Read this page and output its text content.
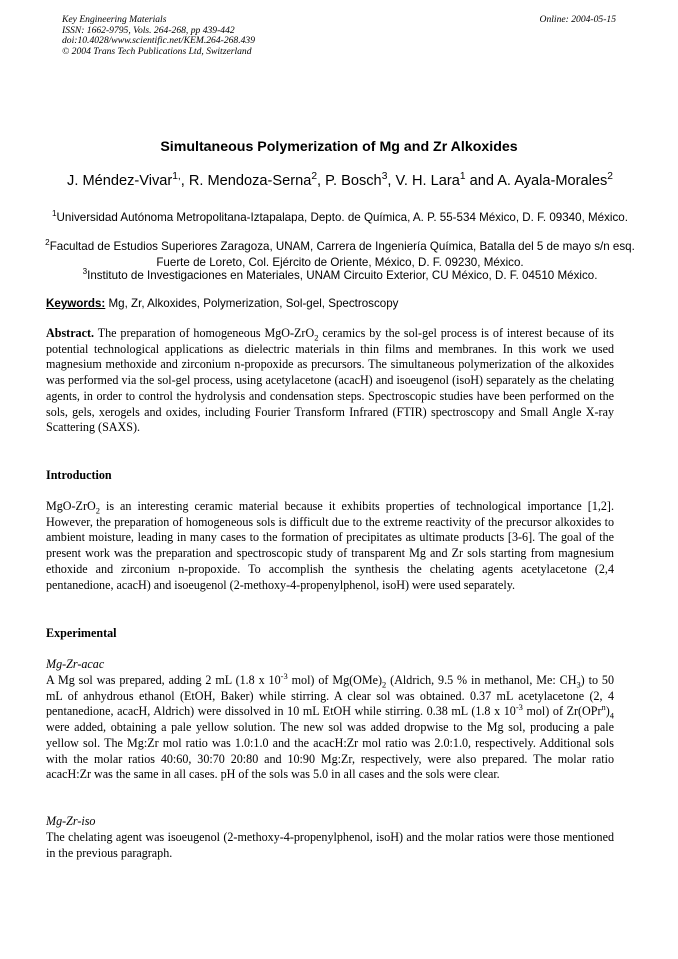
Key Engineering Materials
ISSN: 1662-9795, Vols. 264-268, pp 439-442
doi:10.4028/www.scientific.net/KEM.264-268.439
© 2004 Trans Tech Publications Ltd, Switzerland
Online: 2004-05-15
Simultaneous Polymerization of Mg and Zr Alkoxides
J. Méndez-Vivar$^{1,}$, R. Mendoza-Serna$^2$, P. Bosch$^3$, V. H. Lara$^1$ and A. Ayala-Morales$^2$
$^1$Universidad Autónoma Metropolitana-Iztapalapa, Depto. de Química, A. P. 55-534 México, D. F. 09340, México.
$^2$Facultad de Estudios Superiores Zaragoza, UNAM, Carrera de Ingeniería Química, Batalla del 5 de mayo s/n esq. Fuerte de Loreto, Col. Ejército de Oriente, México, D. F. 09230, México.
$^3$Instituto de Investigaciones en Materiales, UNAM Circuito Exterior, CU México, D. F. 04510 México.
Keywords: Mg, Zr, Alkoxides, Polymerization, Sol-gel, Spectroscopy
Abstract. The preparation of homogeneous MgO-ZrO$_2$ ceramics by the sol-gel process is of interest because of its potential technological applications as dielectric materials in thin films and membranes. In this work we used magnesium methoxide and zirconium n-propoxide as precursors. The simultaneous polymerization of the alkoxides was performed via the sol-gel process, using acetylacetone (acacH) and isoeugenol (isoH) separately as the chelating agents, in order to control the hydrolysis and condensation steps. Spectroscopic studies have been performed on the sols, gels, xerogels and oxides, including Fourier Transform Infrared (FTIR) spectroscopy and Small Angle X-ray Scattering (SAXS).
Introduction
MgO-ZrO$_2$ is an interesting ceramic material because it exhibits properties of technological importance [1,2]. However, the preparation of homogeneous sols is difficult due to the extreme reactivity of the precursor alkoxides to ambient moisture, leading in many cases to the formation of precipitates as ultimate products [3-6]. The goal of the present work was the preparation and spectroscopic study of transparent Mg and Zr sols starting from magnesium ethoxide and zirconium n-propoxide. To accomplish the synthesis the chelating agents acetylacetone (2,4 pentanedione, acacH) and isoeugenol (2-methoxy-4-propenylphenol, isoH) were used separately.
Experimental
Mg-Zr-acac
A Mg sol was prepared, adding 2 mL (1.8 x $10^{-3}$ mol) of $Mg(OMe)_2$ (Aldrich, 9.5 % in methanol, Me: $CH_3$) to 50 mL of anhydrous ethanol (EtOH, Baker) while stirring. A clear sol was obtained. 0.37 mL acetylacetone (2, 4 pentanedione, acacH, Aldrich) were dissolved in 10 mL EtOH while stirring. 0.38 mL (1.8 x $10^{-3}$ mol) of $Zr(OPr^n)_4$ were added, obtaining a pale yellow solution. The new sol was added dropwise to the Mg sol, producing a pale yellow sol. The Mg:Zr mol ratio was 1.0:1.0 and the acacH:Zr mol ratio was 2.0:1.0, respectively. Additional sols with the molar ratios 40:60, 30:70 20:80 and 10:90 Mg:Zr, respectively, were also prepared. The molar ratio acacH:Zr was the same in all cases. pH of the sols was 5.0 in all cases and the sols were clear.
Mg-Zr-iso
The chelating agent was isoeugenol (2-methoxy-4-propenylphenol, isoH) and the molar ratios were those mentioned in the previous paragraph.
